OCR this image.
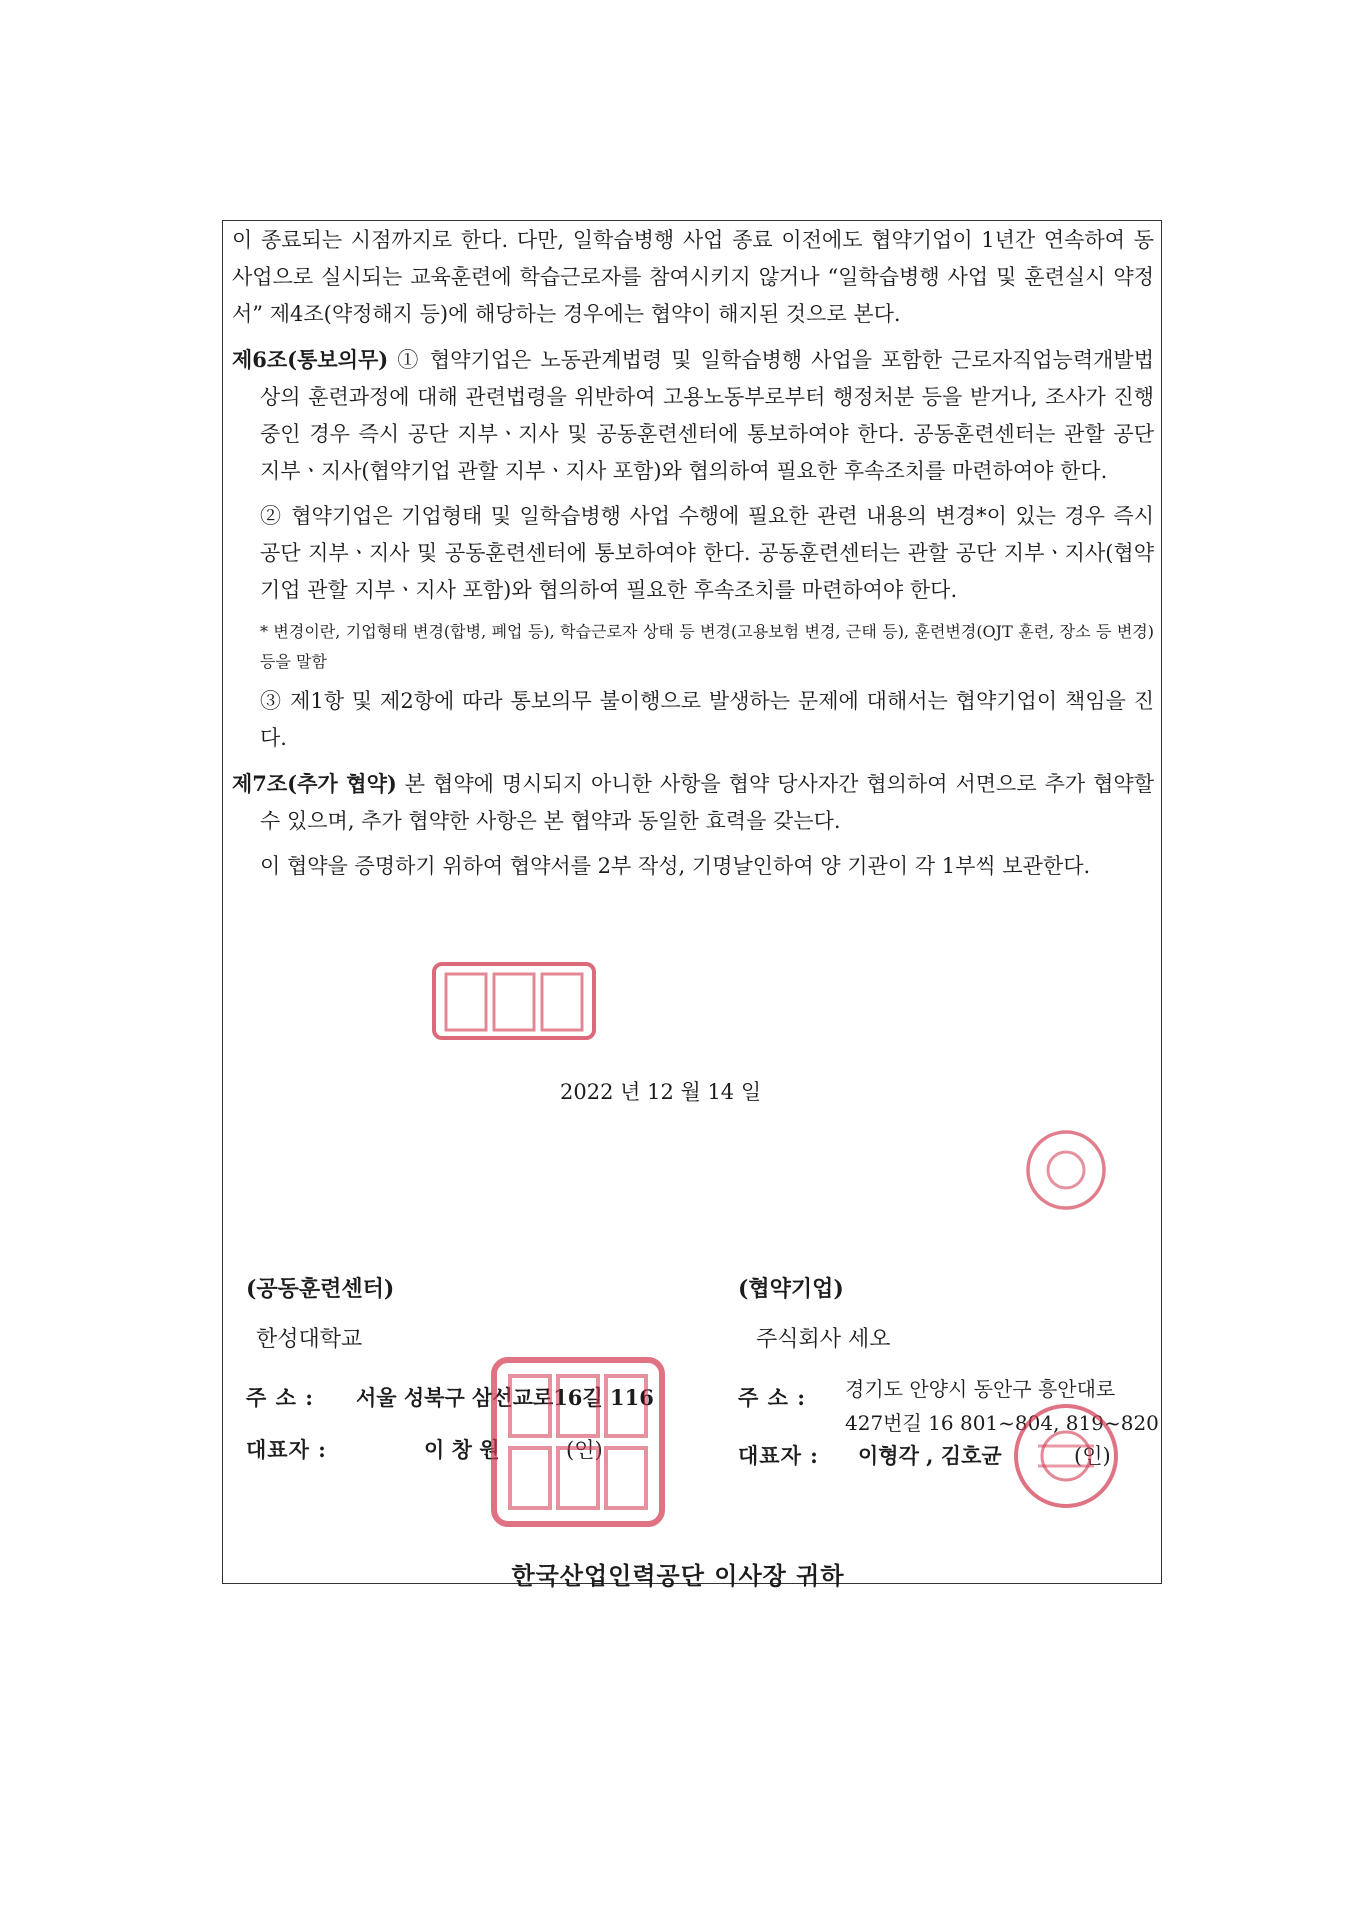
이 종료되는 시점까지로 한다. 다만, 일학습병행 사업 종료 이전에도 협약기업이 1년간 연속하여 동 사업으로 실시되는 교육훈련에 학습근로자를 참여시키지 않거나 “일학습병행 사업 및 훈련실시 약정서” 제4조(약정해지 등)에 해당하는 경우에는 협약이 해지된 것으로 본다.

제6조(통보의무) ① 협약기업은 노동관계법령 및 일학습병행 사업을 포함한 근로자직업능력개발법 상의 훈련과정에 대해 관련법령을 위반하여 고용노동부로부터 행정처분 등을 받거나, 조사가 진행 중인 경우 즉시 공단 지부ㆍ지사 및 공동훈련센터에 통보하여야 한다. 공동훈련센터는 관할 공단 지부ㆍ지사(협약기업 관할 지부ㆍ지사 포함)와 협의하여 필요한 후속조치를 마련하여야 한다.

② 협약기업은 기업형태 및 일학습병행 사업 수행에 필요한 관련 내용의 변경*이 있는 경우 즉시 공단 지부ㆍ지사 및 공동훈련센터에 통보하여야 한다. 공동훈련센터는 관할 공단 지부ㆍ지사(협약기업 관할 지부ㆍ지사 포함)와 협의하여 필요한 후속조치를 마련하여야 한다.

* 변경이란, 기업형태 변경(합병, 폐업 등), 학습근로자 상태 등 변경(고용보험 변경, 근태 등), 훈련변경(OJT 훈련, 장소 등 변경) 등을 말함

③ 제1항 및 제2항에 따라 통보의무 불이행으로 발생하는 문제에 대해서는 협약기업이 책임을 진다.

제7조(추가 협약) 본 협약에 명시되지 아니한 사항을 협약 당사자간 협의하여 서면으로 추가 협약할 수 있으며, 추가 협약한 사항은 본 협약과 동일한 효력을 갖는다.

이 협약을 증명하기 위하여 협약서를 2부 작성, 기명날인하여 양 기관이 각 1부씩 보관한다.

2022 년 12 월 14 일
(공동훈련센터)
한성대학교
주 소 : 서울 성북구 삼선교로16길 116
대표자 :	이 창 원	(인)
(협약기업)
주식회사 세오
주 소 : 경기도 안양시 동안구 흥안대로
427번길 16 801~804, 819~820
대표자 : 이형각 , 김호균	(인)
한국산업인력공단 이사장 귀하
